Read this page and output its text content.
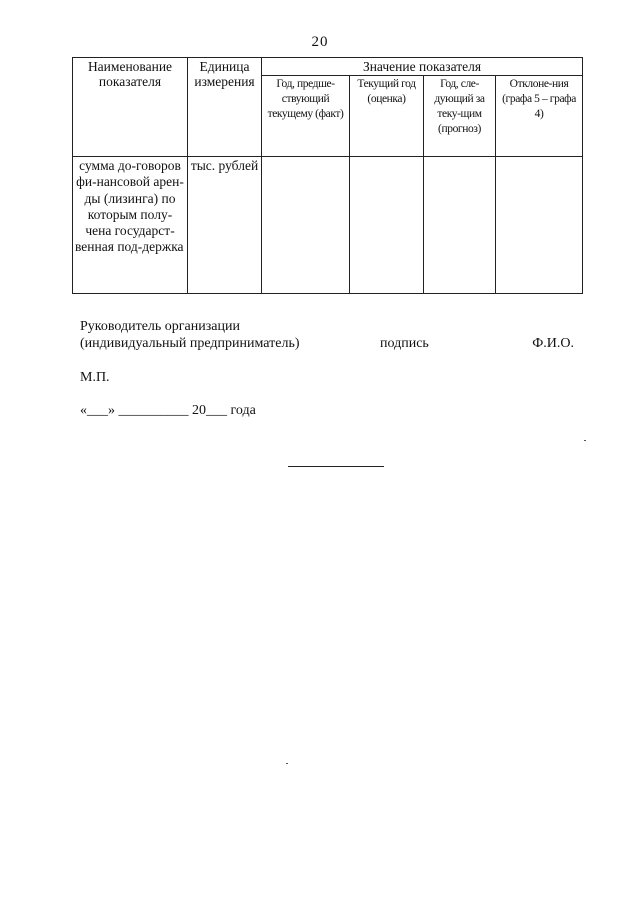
20
Наименование показателя	Единица измерения	Значение показателя			
		Год, предше-ствующий текущему (факт)	Текущий год (оценка)	Год, сле-дующий за теку-щим (прогноз)	Отклоне-ния (графа 5 – графа 4)
сумма до-говоров фи-нансовой арен-ды (лизинга) по которым полу-чена государст-венная под-держка	тыс. рублей				
Руководитель организации
(индивидуальный предприниматель)	подпись	Ф.И.О.
М.П.
«___» __________ 20___ года
